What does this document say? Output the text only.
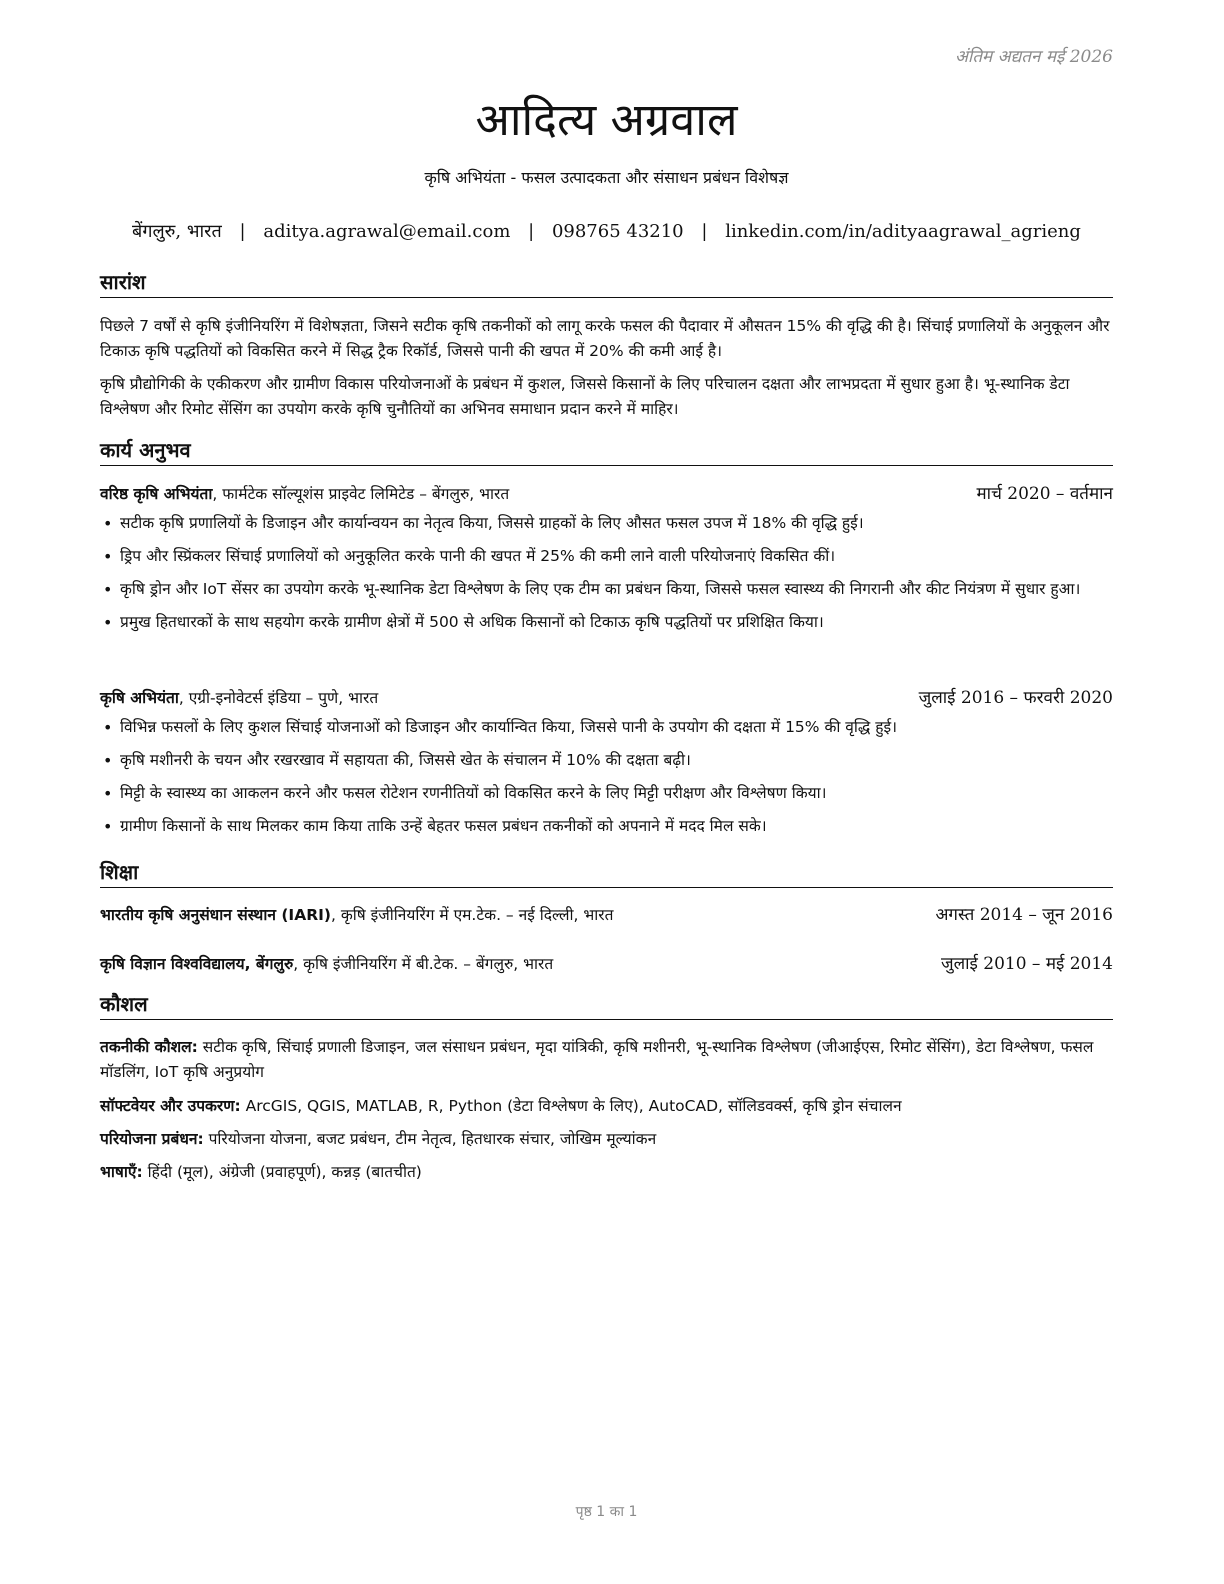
अंतिम अद्यतन मई 2026
आदित्य अग्रवाल
कृषि अभियंता - फसल उत्पादकता और संसाधन प्रबंधन विशेषज्ञ
बेंगलुरु, भारत | aditya.agrawal@email.com | 098765 43210 | linkedin.com/in/adityaagrawal_agrieng
सारांश

पिछले 7 वर्षों से कृषि इंजीनियरिंग में विशेषज्ञता, जिसने सटीक कृषि तकनीकों को लागू करके फसल की पैदावार में औसतन 15% की वृद्धि की है। सिंचाई प्रणालियों के अनुकूलन और टिकाऊ कृषि पद्धतियों को विकसित करने में सिद्ध ट्रैक रिकॉर्ड, जिससे पानी की खपत में 20% की कमी आई है।

कृषि प्रौद्योगिकी के एकीकरण और ग्रामीण विकास परियोजनाओं के प्रबंधन में कुशल, जिससे किसानों के लिए परिचालन दक्षता और लाभप्रदता में सुधार हुआ है। भू-स्थानिक डेटा विश्लेषण और रिमोट सेंसिंग का उपयोग करके कृषि चुनौतियों का अभिनव समाधान प्रदान करने में माहिर।

कार्य अनुभव
वरिष्ठ कृषि अभियंता, फार्मटेक सॉल्यूशंस प्राइवेट लिमिटेड – बेंगलुरु, भारत	मार्च 2020 – वर्तमान
• सटीक कृषि प्रणालियों के डिजाइन और कार्यान्वयन का नेतृत्व किया, जिससे ग्राहकों के लिए औसत फसल उपज में 18% की वृद्धि हुई।
• ड्रिप और स्प्रिंकलर सिंचाई प्रणालियों को अनुकूलित करके पानी की खपत में 25% की कमी लाने वाली परियोजनाएं विकसित कीं।
• कृषि ड्रोन और IoT सेंसर का उपयोग करके भू-स्थानिक डेटा विश्लेषण के लिए एक टीम का प्रबंधन किया, जिससे फसल स्वास्थ्य की निगरानी और कीट नियंत्रण में सुधार हुआ।
• प्रमुख हितधारकों के साथ सहयोग करके ग्रामीण क्षेत्रों में 500 से अधिक किसानों को टिकाऊ कृषि पद्धतियों पर प्रशिक्षित किया।
कृषि अभियंता, एग्री-इनोवेटर्स इंडिया – पुणे, भारत	जुलाई 2016 – फरवरी 2020
• विभिन्न फसलों के लिए कुशल सिंचाई योजनाओं को डिजाइन और कार्यान्वित किया, जिससे पानी के उपयोग की दक्षता में 15% की वृद्धि हुई।
• कृषि मशीनरी के चयन और रखरखाव में सहायता की, जिससे खेत के संचालन में 10% की दक्षता बढ़ी।
• मिट्टी के स्वास्थ्य का आकलन करने और फसल रोटेशन रणनीतियों को विकसित करने के लिए मिट्टी परीक्षण और विश्लेषण किया।
• ग्रामीण किसानों के साथ मिलकर काम किया ताकि उन्हें बेहतर फसल प्रबंधन तकनीकों को अपनाने में मदद मिल सके।
शिक्षा
भारतीय कृषि अनुसंधान संस्थान (IARI), कृषि इंजीनियरिंग में एम.टेक. – नई दिल्ली, भारत	अगस्त 2014 – जून 2016
कृषि विज्ञान विश्वविद्यालय, बेंगलुरु, कृषि इंजीनियरिंग में बी.टेक. – बेंगलुरु, भारत	जुलाई 2010 – मई 2014
कौशल

तकनीकी कौशल: सटीक कृषि, सिंचाई प्रणाली डिजाइन, जल संसाधन प्रबंधन, मृदा यांत्रिकी, कृषि मशीनरी, भू-स्थानिक विश्लेषण (जीआईएस, रिमोट सेंसिंग), डेटा विश्लेषण, फसल मॉडलिंग, IoT कृषि अनुप्रयोग

सॉफ्टवेयर और उपकरण: ArcGIS, QGIS, MATLAB, R, Python (डेटा विश्लेषण के लिए), AutoCAD, सॉलिडवर्क्स, कृषि ड्रोन संचालन

परियोजना प्रबंधन: परियोजना योजना, बजट प्रबंधन, टीम नेतृत्व, हितधारक संचार, जोखिम मूल्यांकन

भाषाएँ: हिंदी (मूल), अंग्रेजी (प्रवाहपूर्ण), कन्नड़ (बातचीत)

पृष्ठ 1 का 1
